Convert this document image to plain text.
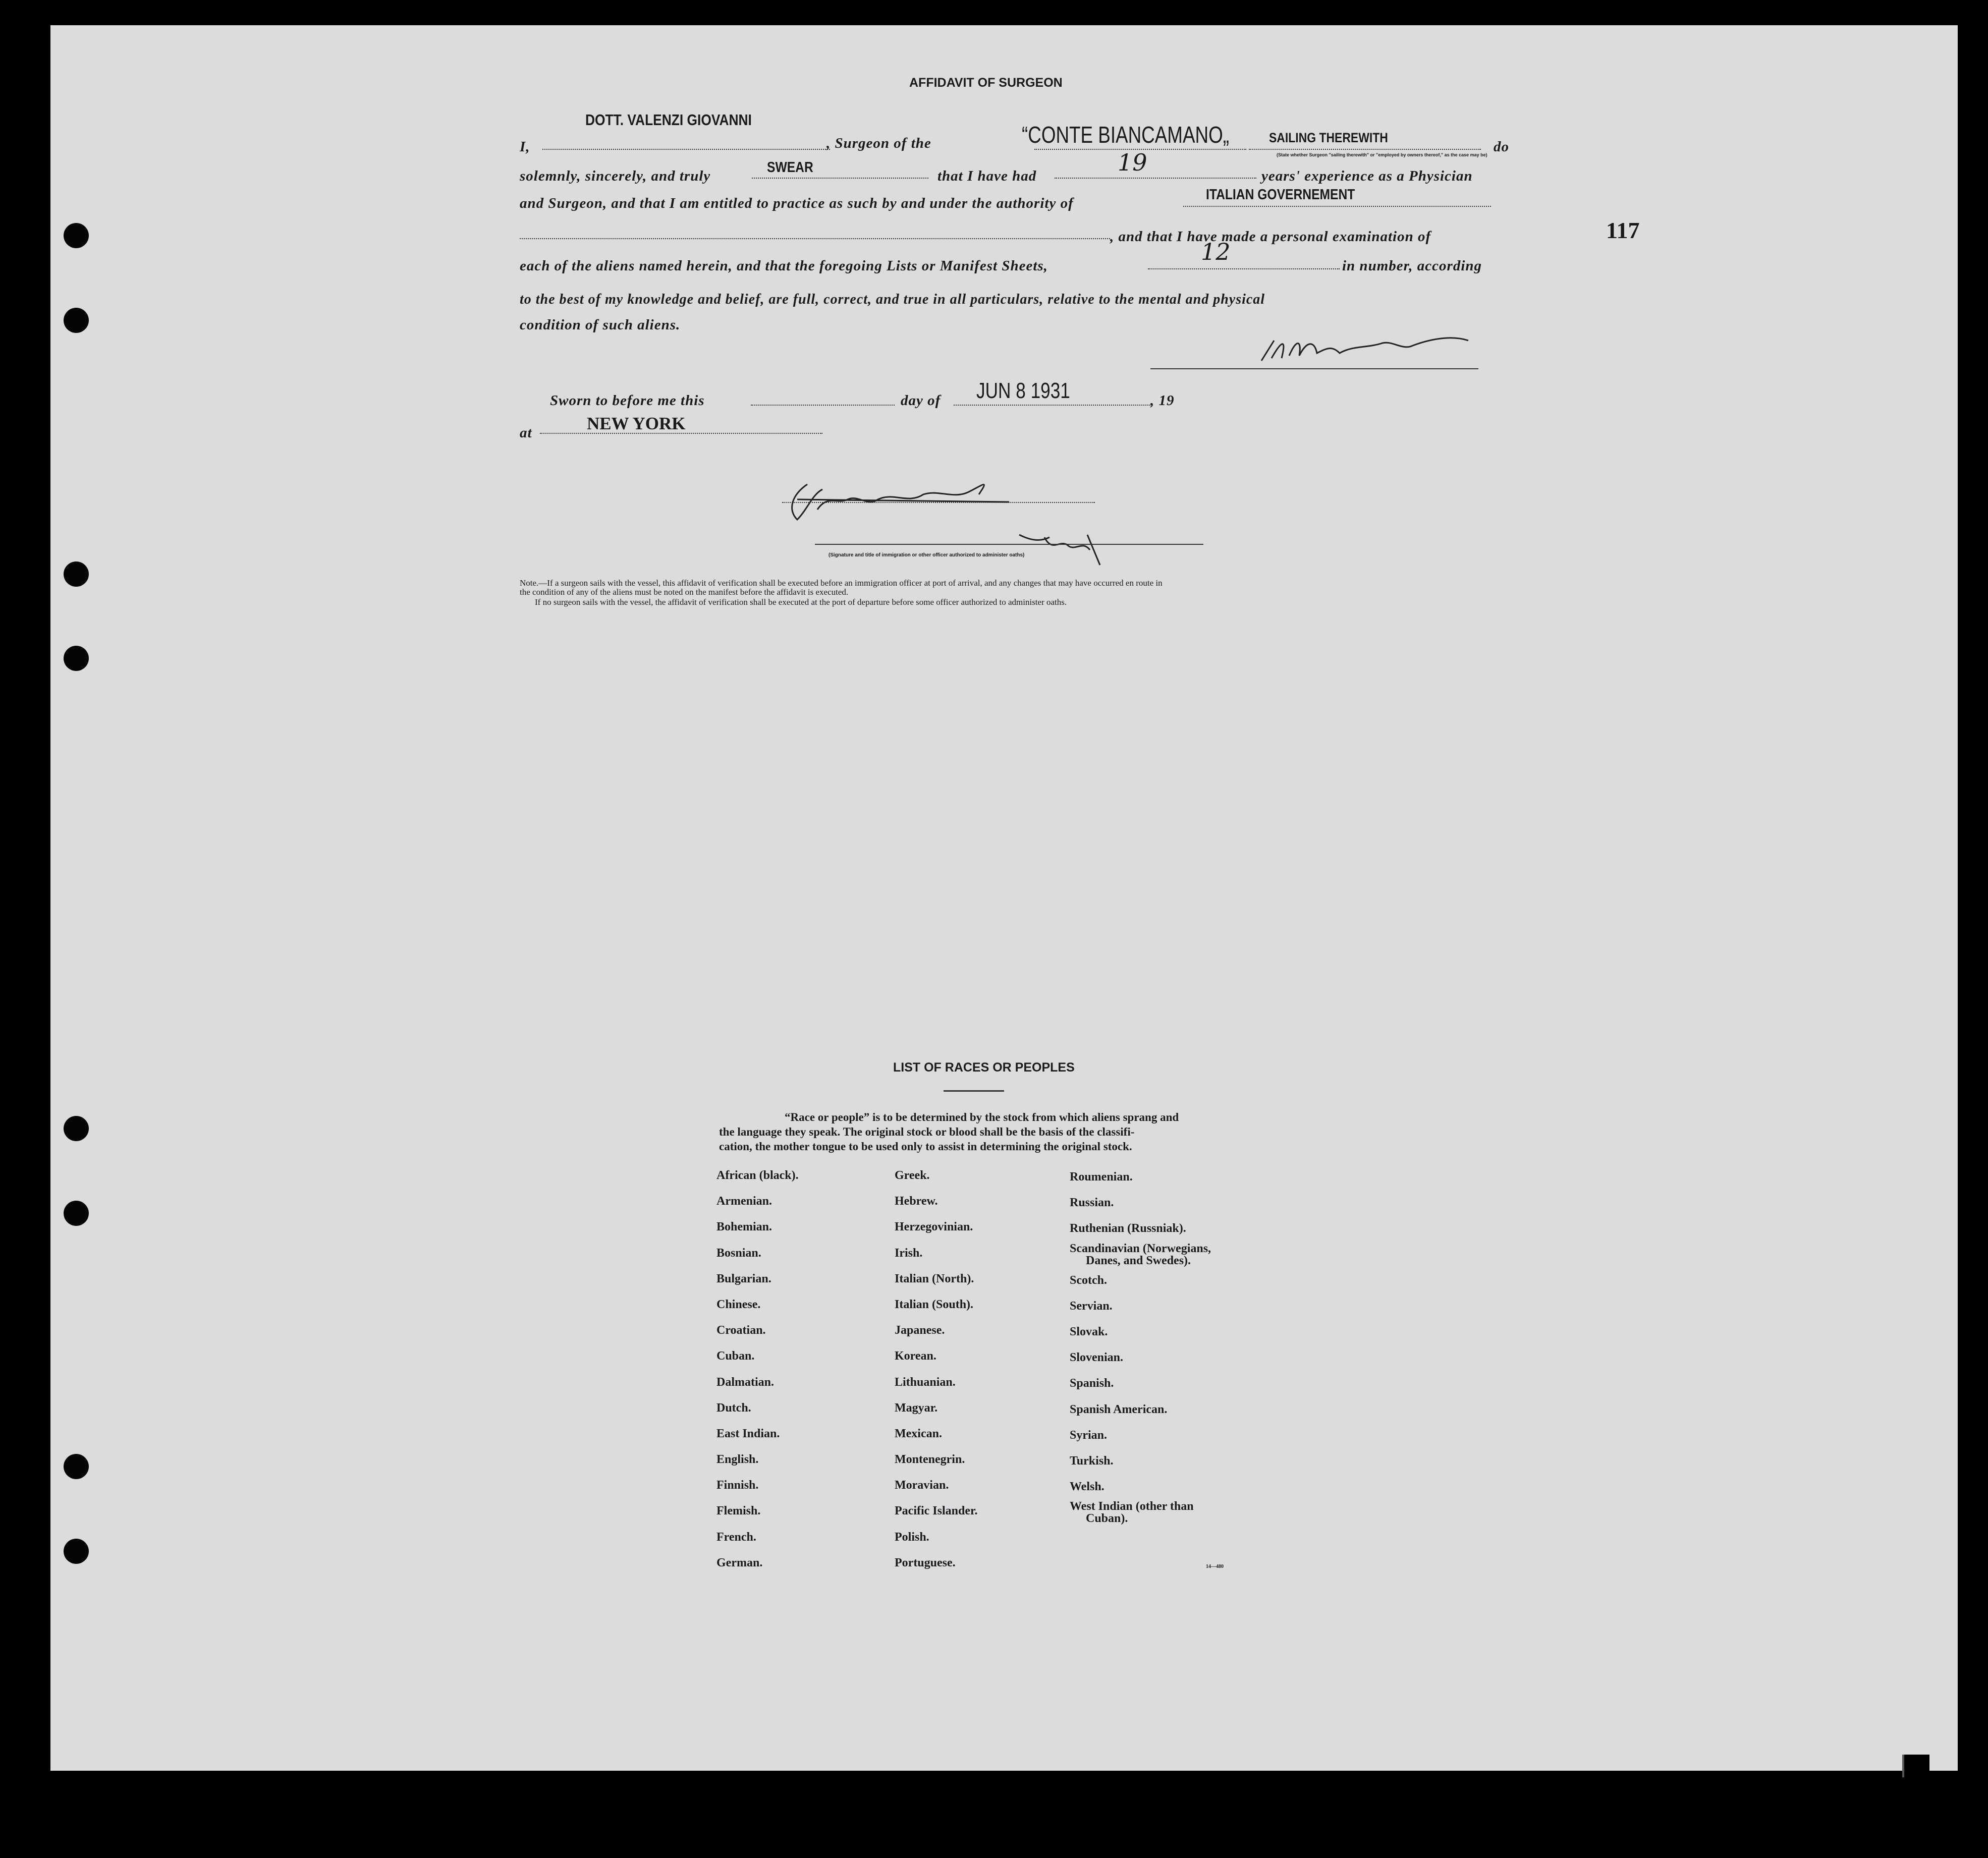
117
AFFIDAVIT OF SURGEON
I,
DOTT. VALENZI GIOVANNI
, Surgeon of the	“CONTE BIANCAMANO„	SAILING THEREWITH
(State whether Surgeon "sailing therewith" or "employed by owners thereof," as the case may be) do
solemnly, sincerely, and truly
SWEAR
that I have had	19	years' experience as a Physician
and Surgeon, and that I am entitled to practice as such by and under the authority of
ITALIAN GOVERNEMENT
, and that I have made a personal examination of
each of the aliens named herein, and that the foregoing Lists or Manifest Sheets,
12
in number, according
to the best of my knowledge and belief, are full, correct, and true in all particulars, relative to the mental and physical
condition of such aliens.
Sworn to before me this	day of JUN 8 1931	, 19
at	NEW YORK
(Signature and title of immigration or other officer authorized to administer oaths)
Note.—If a surgeon sails with the vessel, this affidavit of verification shall be executed before an immigration officer at port of arrival, and any changes that may have occurred en route in
the condition of any of the aliens must be noted on the manifest before the affidavit is executed.
If no surgeon sails with the vessel, the affidavit of verification shall be executed at the port of departure before some officer authorized to administer oaths.
LIST OF RACES OR PEOPLES
“Race or people” is to be determined by the stock from which aliens sprang and
the language they speak. The original stock or blood shall be the basis of the classifi-
cation, the mother tongue to be used only to assist in determining the original stock.
African (black).
Armenian.
Bohemian.
Bosnian.
Bulgarian.
Chinese.
Croatian.
Cuban.
Dalmatian.
Dutch.
East Indian.
English.
Finnish.
Flemish.
French.
German.
Greek.
Hebrew.
Herzegovinian.
Irish.
Italian (North).
Italian (South).
Japanese.
Korean.
Lithuanian.
Magyar.
Mexican.
Montenegrin.
Moravian.
Pacific Islander.
Polish.
Portuguese.
Roumenian.
Russian.
Ruthenian (Russniak).
Scandinavian (Norwegians,
Danes, and Swedes).
Scotch.
Servian.
Slovak.
Slovenian.
Spanish.
Spanish American.
Syrian.
Turkish.
Welsh.
West Indian (other than
Cuban).
14—480
